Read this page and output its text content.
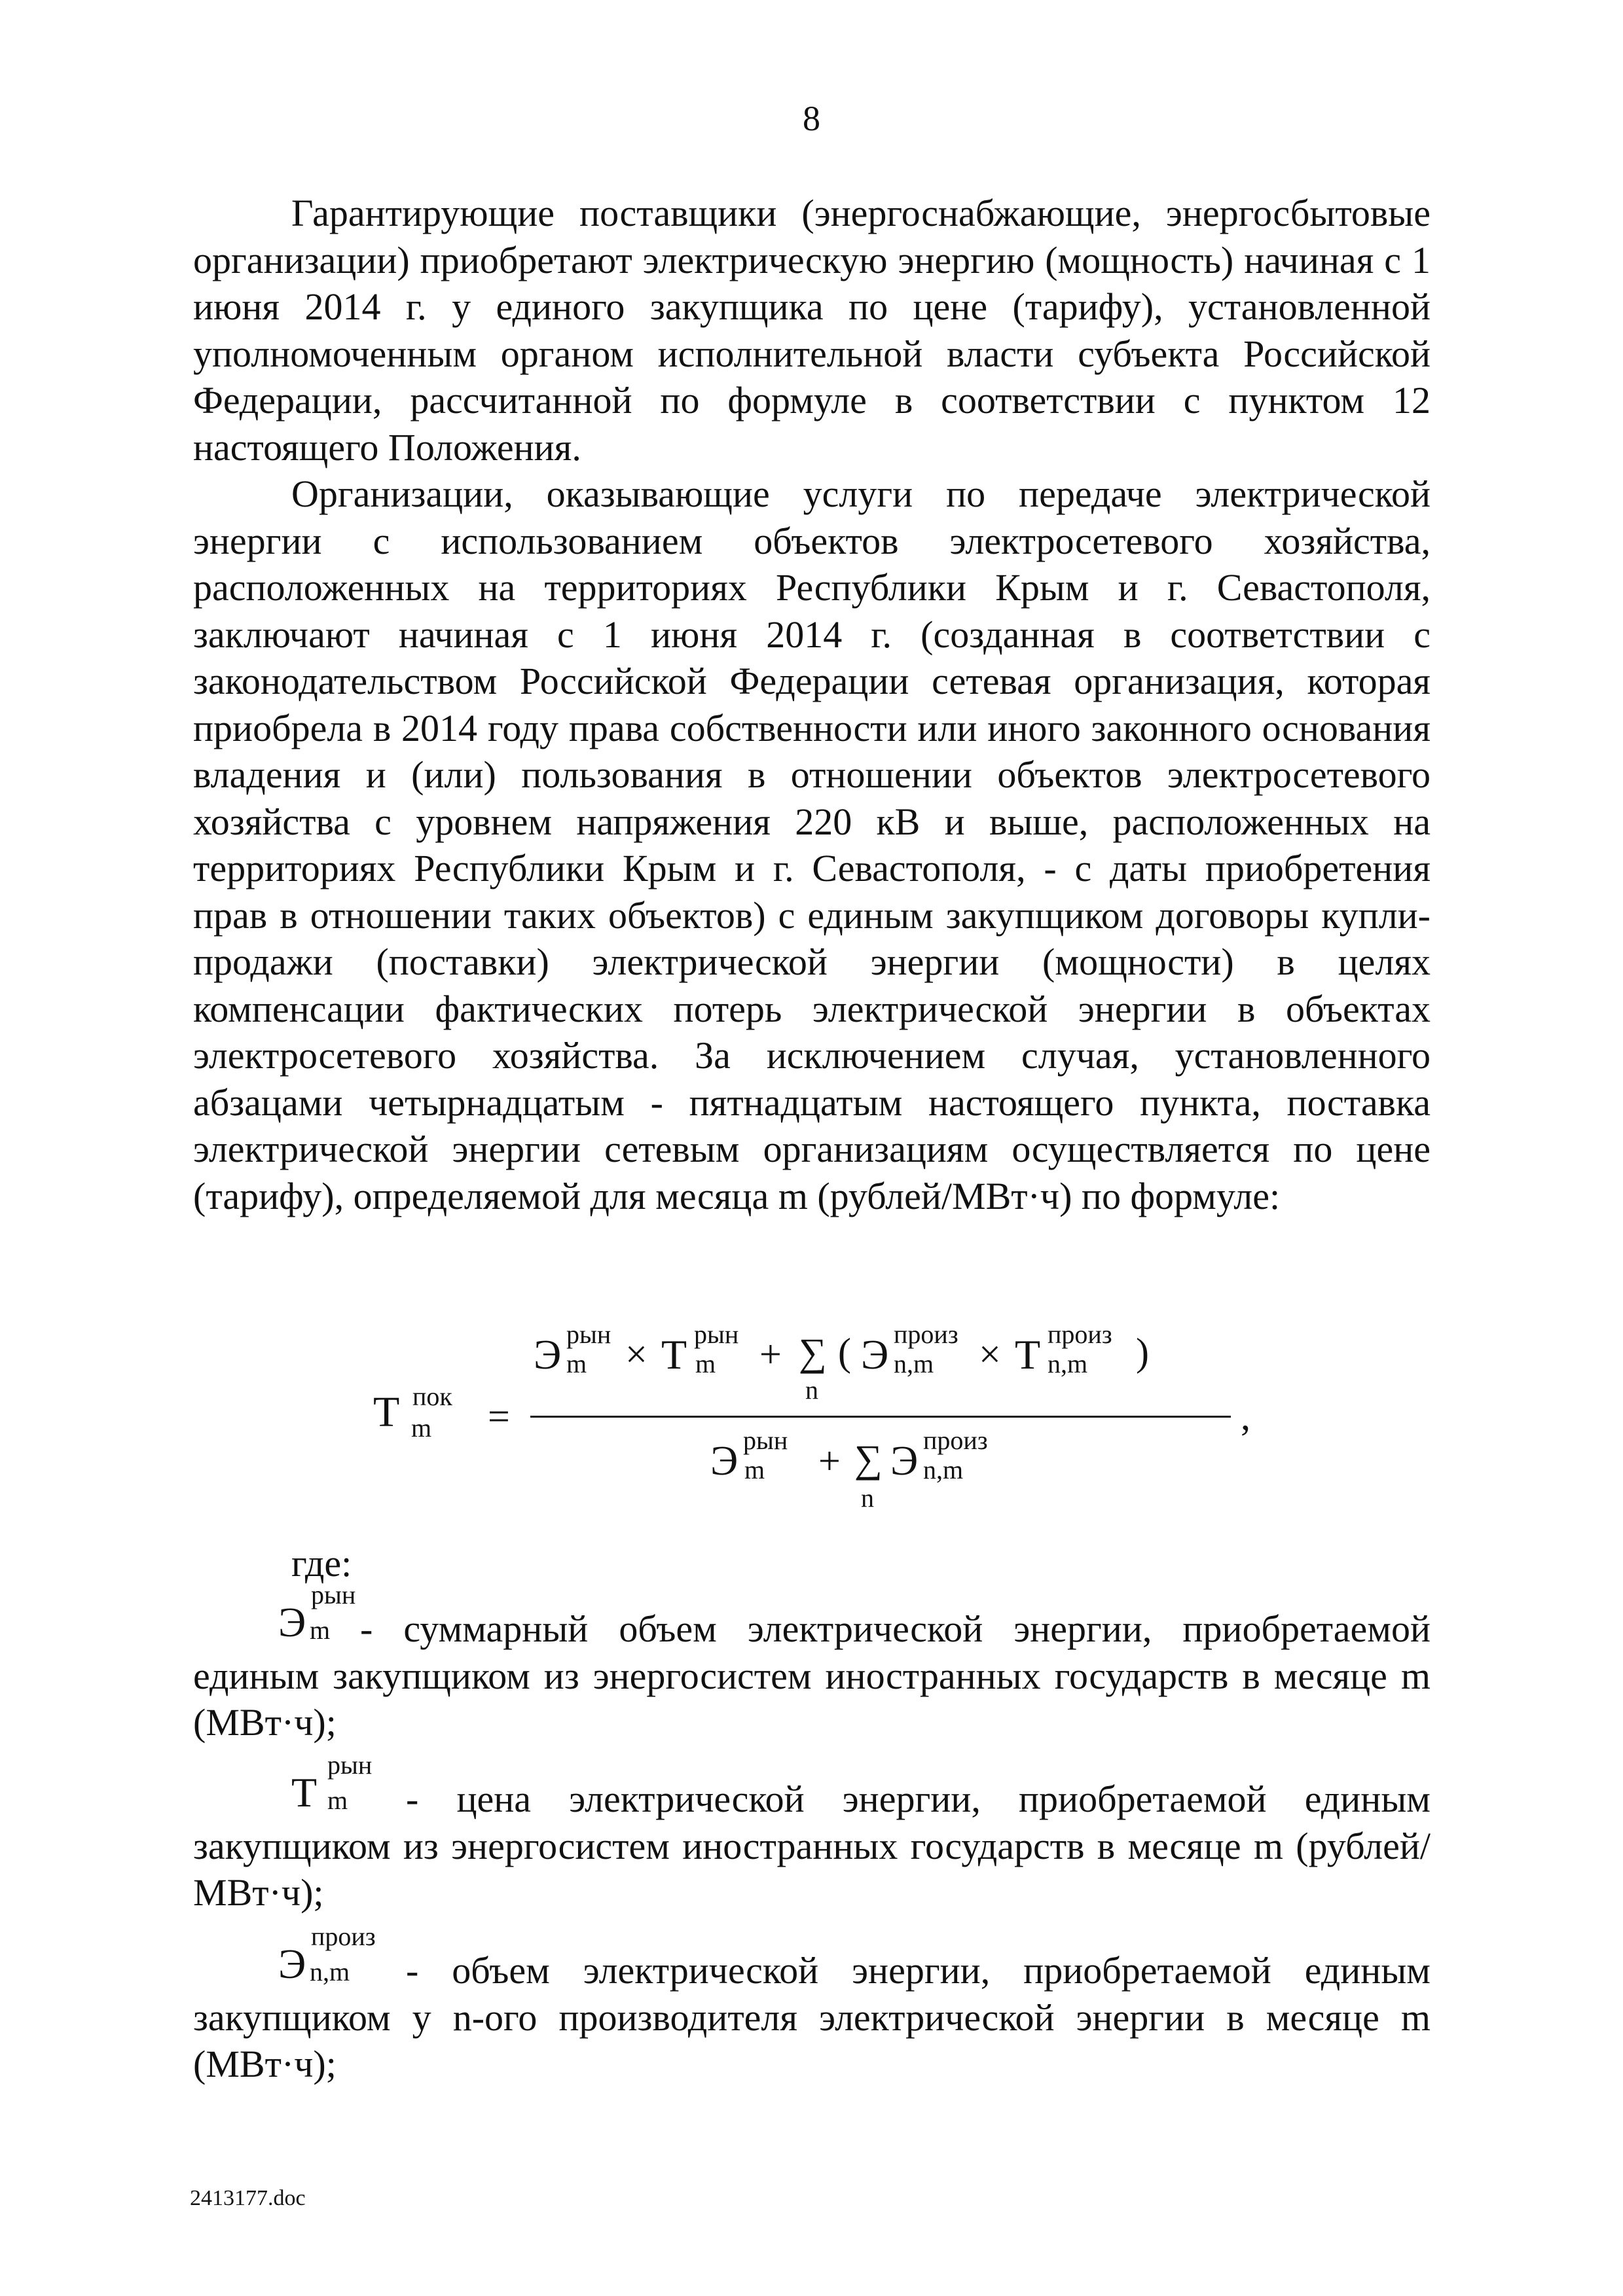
8

Гарантирующие поставщики (энергоснабжающие, энергосбытовые организации) приобретают электрическую энергию (мощность) начиная с 1 июня 2014 г. у единого закупщика по цене (тарифу), установленной уполномоченным органом исполнительной власти субъекта Российской Федерации, рассчитанной по формуле в соответствии с пунктом 12 настоящего Положения.

Организации, оказывающие услуги по передаче электрической энергии с использованием объектов электросетевого хозяйства, расположенных на территориях Республики Крым и г. Севастополя, заключают начиная с 1 июня 2014 г. (созданная в соответствии с законодательством Российской Федерации сетевая организация, которая приобрела в 2014 году права собственности или иного законного основания владения и (или) пользования в отношении объектов электросетевого хозяйства с уровнем напряжения 220 кВ и выше, расположенных на территориях Республики Крым и г. Севастополя, - с даты приобретения прав в отношении таких объектов) с единым закупщиком договоры купли-продажи (поставки) электрической энергии (мощности) в целях компенсации фактических потерь электрической энергии в объектах электросетевого хозяйства. За исключением случая, установленного абзацами четырнадцатым - пятнадцатым настоящего пункта, поставка электрической энергии сетевым организациям осуществляется по цене (тарифу), определяемой для месяца m (рублей/МВт·ч) по формуле:

T пок
m =
Э рын
m × T рын
m + ∑
n
( Э произ
n,m × T произ
n,m )
Э рын
m + ∑
n
Э произ
n,m
,
где:
Э
рын
m - суммарный объем электрической энергии, приобретаемой единым закупщиком из энергосистем иностранных государств в месяце m (МВт·ч);
T
рын
m - цена электрической энергии, приобретаемой единым закупщиком из энергосистем иностранных государств в месяце m (рублей/МВт·ч);
Э
произ
n,m - объем электрической энергии, приобретаемой единым закупщиком у n-ого производителя электрической энергии в месяце m (МВт·ч);
2413177.doc
